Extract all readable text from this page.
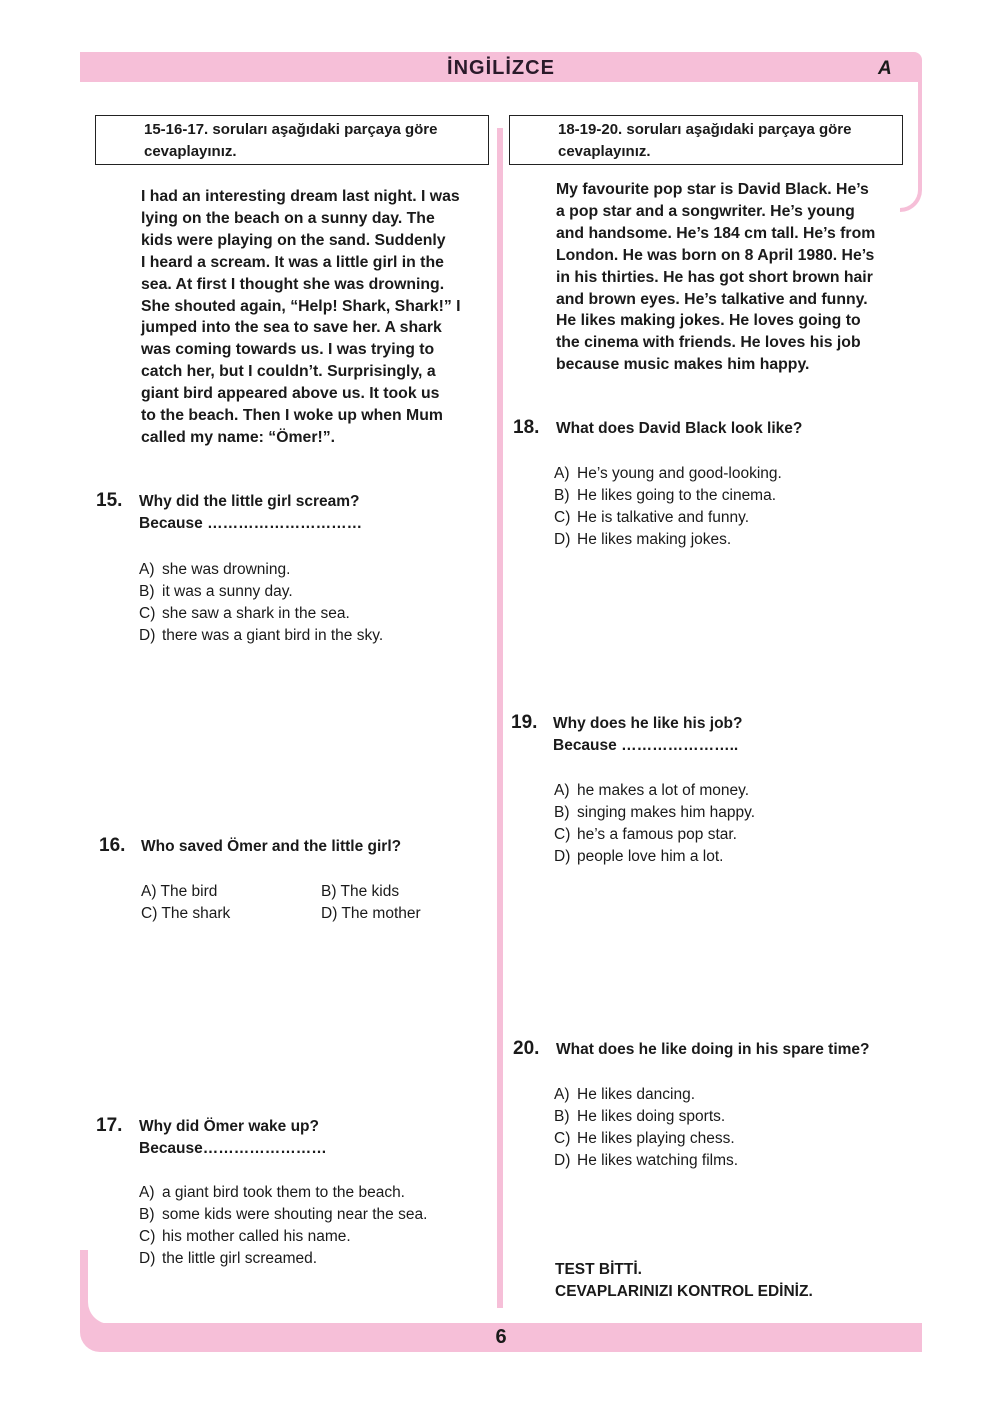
İNGİLİZCE	A
6
15-16-17. soruları aşağıdaki parçaya göre
cevaplayınız.
I had an interesting dream last night. I was
lying on the beach on a sunny day. The
kids were playing on the sand. Suddenly
I heard a scream. It was a little girl in the
sea. At first I thought she was drowning.
She shouted again, “Help! Shark, Shark!” I
jumped into the sea to save her. A shark
was coming towards us. I was trying to
catch her, but I couldn’t. Surprisingly, a
giant bird appeared above us. It took us
to the beach. Then I woke up when Mum
called my name: “Ömer!”.
15. Why did the little girl scream?
Because …………………………
A) she was drowning.
B) it was a sunny day.
C) she saw a shark in the sea.
D) there was a giant bird in the sky.
16. Who saved Ömer and the little girl?
A) The bird	B) The kids
C) The shark	D) The mother
17. Why did Ömer wake up?
Because……………………
A) a giant bird took them to the beach.
B) some kids were shouting near the sea.
C) his mother called his name.
D) the little girl screamed.
18-19-20. soruları aşağıdaki parçaya göre
cevaplayınız.
My favourite pop star is David Black. He’s
a pop star and a songwriter. He’s young
and handsome. He’s 184 cm tall. He’s from
London. He was born on 8 April 1980. He’s
in his thirties. He has got short brown hair
and brown eyes. He’s talkative and funny.
He likes making jokes. He loves going to
the cinema with friends. He loves his job
because music makes him happy.
18. What does David Black look like?
A) He’s young and good-looking.
B) He likes going to the cinema.
C) He is talkative and funny.
D) He likes making jokes.
19. Why does he like his job?
Because …………………..
A) he makes a lot of money.
B) singing makes him happy.
C) he’s a famous pop star.
D) people love him a lot.
20. What does he like doing in his spare time?
A) He likes dancing.
B) He likes doing sports.
C) He likes playing chess.
D) He likes watching films.
TEST BİTTİ.
CEVAPLARINIZI KONTROL EDİNİZ.
